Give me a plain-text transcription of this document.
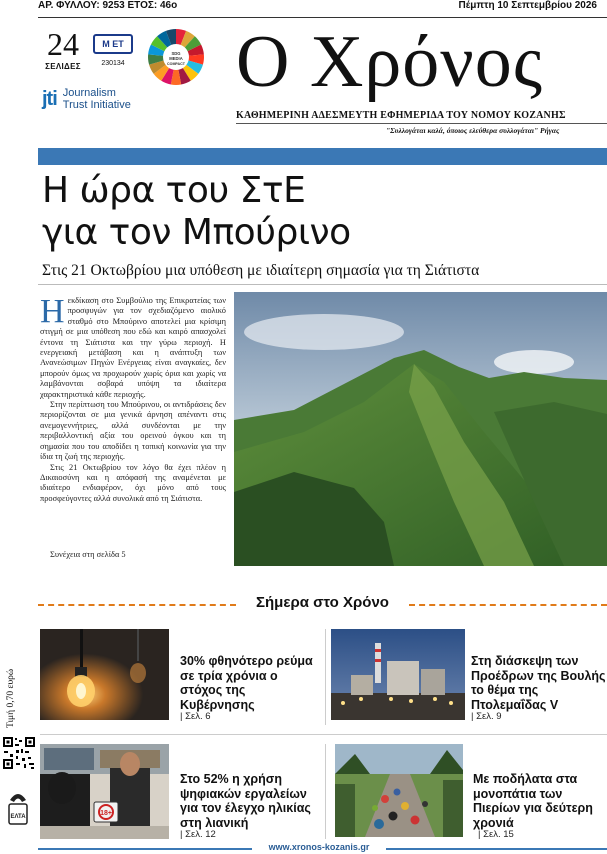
ΑΡ. ΦΥΛΛΟΥ: 9253 ΕΤΟΣ: 46ο	Πέμπτη 10 Σεπτεμβρίου 2026
24
ΣΕΛΙΔΕΣ
Μ ΕΤ
230134
SDG
MEDIA
COMPACT
jti Journalism
Trust Initiative
Ο Χρόνος
ΚΑΘΗΜΕΡΙΝΗ ΑΔΕΣΜΕΥΤΗ ΕΦΗΜΕΡΙΔΑ ΤΟΥ ΝΟΜΟΥ ΚΟΖΑΝΗΣ
"Συλλογάται καλά, όποιος ελεύθερα συλλογάται" Ρήγας
Η ώρα του ΣτΕ
για τον Μπούρινο
Στις 21 Οκτωβρίου μια υπόθεση με ιδιαίτερη σημασία για τη Σιάτιστα

Ηεκδίκαση στο Συμβούλιο της Επικρατείας των προσφυγών για τον σχεδιαζόμενο αιολικό σταθμό στο Μπούρινο αποτελεί μια κρίσιμη στιγμή σε μια υπόθεση που εδώ και καιρό απασχολεί έντονα τη Σιάτιστα και την γύρω περιοχή. Η ενεργειακή μετάβαση και η ανάπτυξη των Ανανεώσιμων Πηγών Ενέργειας είναι αναγκαίες, δεν μπορούν όμως να προχωρούν χωρίς όρια και χωρίς να λαμβάνονται σοβαρά υπόψη τα ιδιαίτερα χαρακτηριστικά κάθε περιοχής.

Στην περίπτωση του Μπούρινου, οι αντιδράσεις δεν περιορίζονται σε μια γενικά άρνηση απέναντι στις ανεμογεννήτριες, αλλά συνδέονται με την περιβαλλοντική αξία του ορεινού όγκου και τη σημασία που του αποδίδει η τοπική κοινωνία για την ίδια τη ζωή της περιοχής.

Στις 21 Οκτωβρίου τον λόγο θα έχει πλέον η Δικαιοσύνη και η απόφασή της αναμένεται με ιδιαίτερο ενδιαφέρον, όχι μόνο από τους προσφεύγοντες αλλά συνολικά από τη Σιάτιστα.

Συνέχεια στη σελίδα 5
Σήμερα στο Χρόνο
Τιμή 0,70 ευρώ
ΕΛΤΑ
30% φθηνότερο ρεύμα σε τρία χρόνια ο στόχος της Κυβέρνησης
| Σελ. 6
Στη διάσκεψη των Προέδρων της Βουλής το θέμα της Πτολεμαΐδας V
| Σελ. 9
18+
Στο 52% η χρήση ψηφιακών εργαλείων για τον έλεγχο ηλικίας στη λιανική
| Σελ. 12
Με ποδήλατα στα μονοπάτια των Πιερίων για δεύτερη χρονιά
| Σελ. 15
www.xronos-kozanis.gr
